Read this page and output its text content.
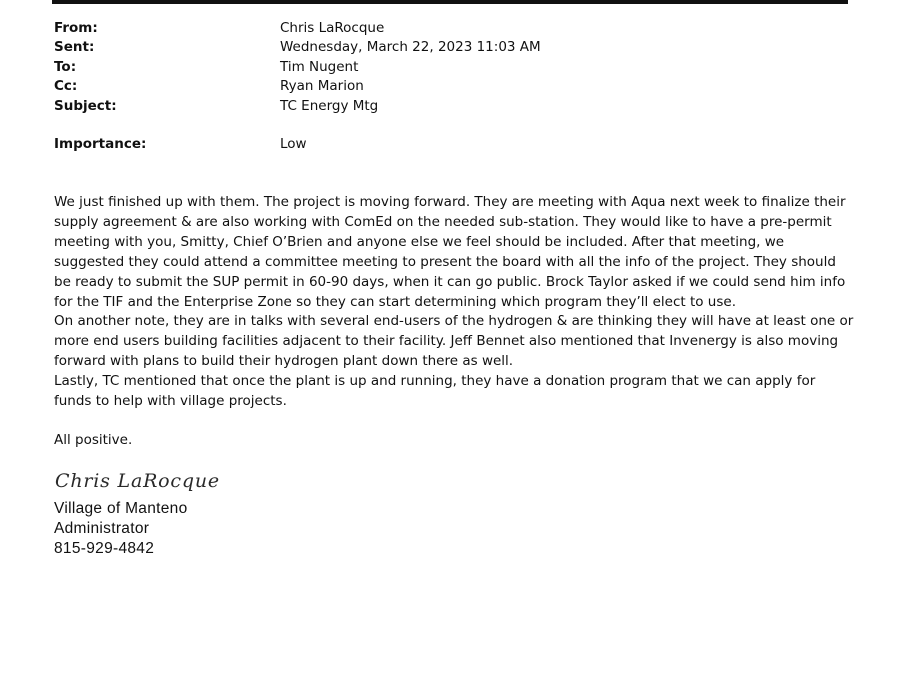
From:	Chris LaRocque
Sent:	Wednesday, March 22, 2023 11:03 AM
To:	Tim Nugent
Cc:	Ryan Marion
Subject:	TC Energy Mtg
Importance:	Low

We just finished up with them. The project is moving forward. They are meeting with Aqua next week to finalize their supply agreement & are also working with ComEd on the needed sub-station. They would like to have a pre-permit meeting with you, Smitty, Chief O’Brien and anyone else we feel should be included. After that meeting, we suggested they could attend a committee meeting to present the board with all the info of the project. They should be ready to submit the SUP permit in 60-90 days, when it can go public. Brock Taylor asked if we could send him info for the TIF and the Enterprise Zone so they can start determining which program they’ll elect to use.

On another note, they are in talks with several end-users of the hydrogen & are thinking they will have at least one or more end users building facilities adjacent to their facility. Jeff Bennet also mentioned that Invenergy is also moving forward with plans to build their hydrogen plant down there as well.

Lastly, TC mentioned that once the plant is up and running, they have a donation program that we can apply for funds to help with village projects.

All positive.
Chris LaRocque
Village of Manteno
Administrator
815-929-4842
